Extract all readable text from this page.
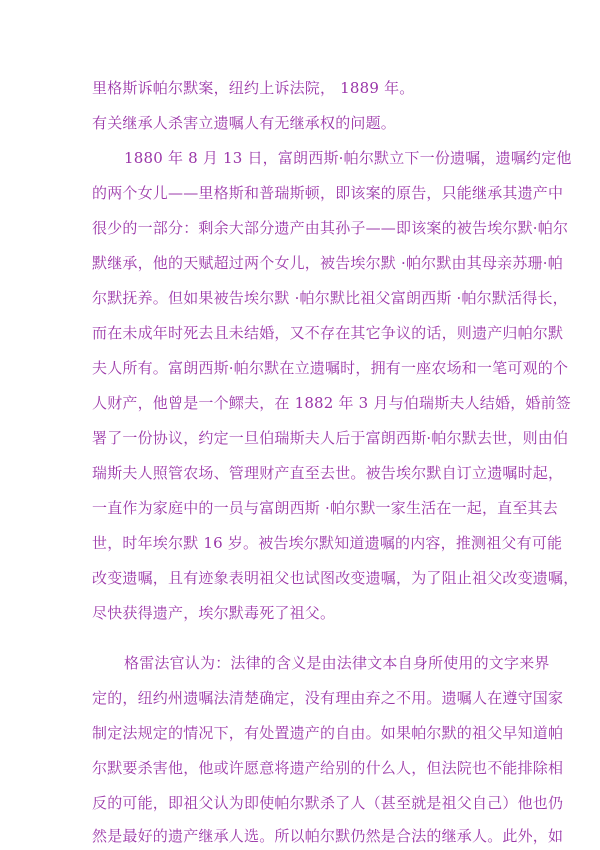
里格斯诉帕尔默案，纽约上诉法院， 1889 年。
有关继承人杀害立遗嘱人有无继承权的问题。
1880 年 8 月 13 日，富朗西斯·帕尔默立下一份遗嘱，遗嘱约定他
的两个女儿——里格斯和普瑞斯顿，即该案的原告，只能继承其遗产中
很少的一部分：剩余大部分遗产由其孙子——即该案的被告埃尔默·帕尔
默继承，他的天赋超过两个女儿，被告埃尔默 ·帕尔默由其母亲苏珊·帕
尔默抚养。但如果被告埃尔默 ·帕尔默比祖父富朗西斯 ·帕尔默活得长，
而在未成年时死去且未结婚，又不存在其它争议的话，则遗产归帕尔默
夫人所有。富朗西斯·帕尔默在立遗嘱时，拥有一座农场和一笔可观的个
人财产，他曾是一个鳏夫，在 1882 年 3 月与伯瑞斯夫人结婚，婚前签
署了一份协议，约定一旦伯瑞斯夫人后于富朗西斯·帕尔默去世，则由伯
瑞斯夫人照管农场、管理财产直至去世。被告埃尔默自订立遗嘱时起，
一直作为家庭中的一员与富朗西斯 ·帕尔默一家生活在一起，直至其去
世，时年埃尔默 16 岁。被告埃尔默知道遗嘱的内容，推测祖父有可能
改变遗嘱，且有迹象表明祖父也试图改变遗嘱，为了阻止祖父改变遗嘱，
尽快获得遗产，埃尔默毒死了祖父。
格雷法官认为：法律的含义是由法律文本自身所使用的文字来界
定的，纽约州遗嘱法清楚确定，没有理由弃之不用。遗嘱人在遵守国家
制定法规定的情况下，有处置遗产的自由。如果帕尔默的祖父早知道帕
尔默要杀害他，他或许愿意将遗产给别的什么人，但法院也不能排除相
反的可能，即祖父认为即使帕尔默杀了人（甚至就是祖父自己）他也仍
然是最好的遗产继承人选。所以帕尔默仍然是合法的继承人。此外，如
